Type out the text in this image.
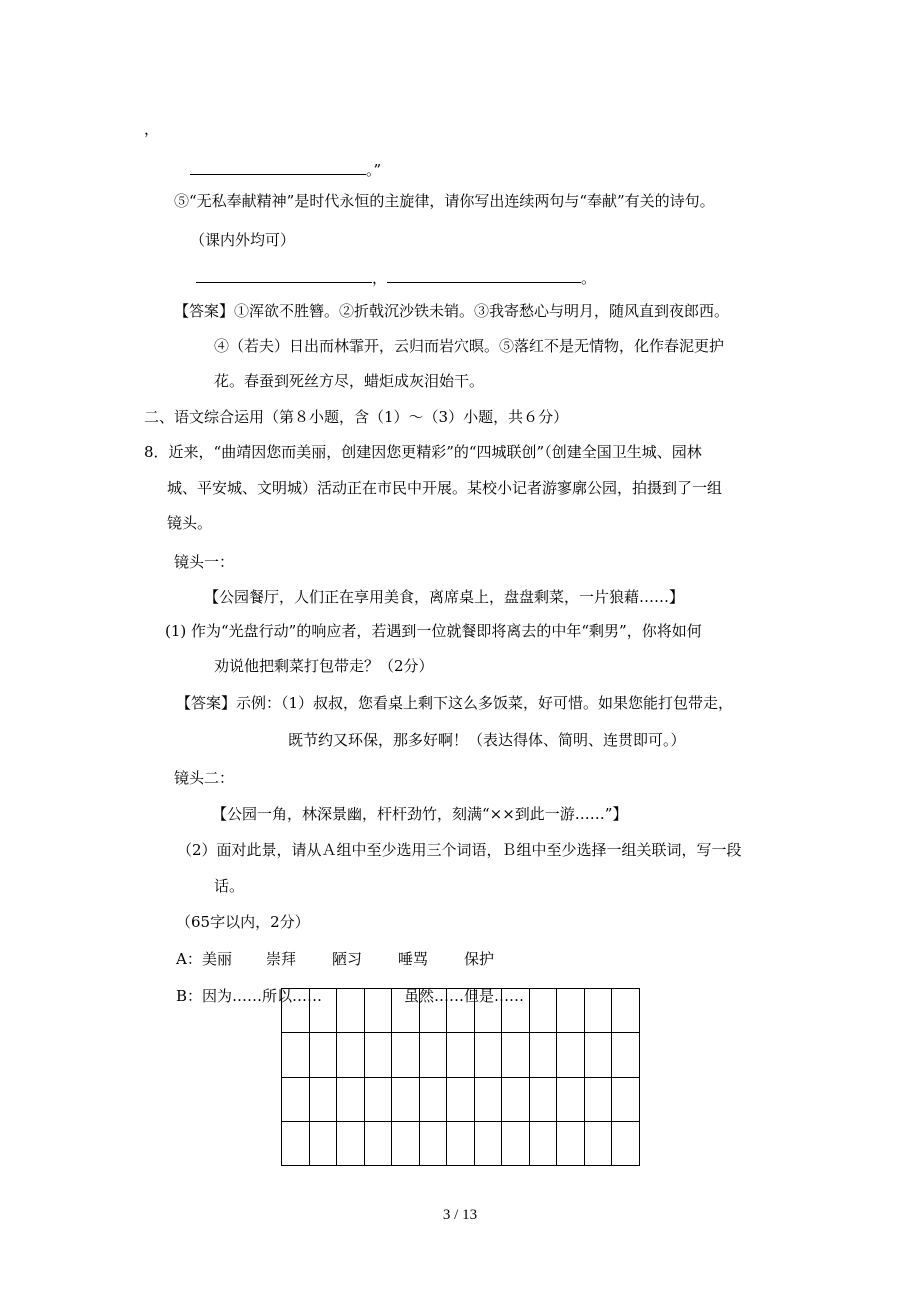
，
。”
⑤“无私奉献精神”是时代永恒的主旋律，请你写出连续两句与“奉献”有关的诗句。
（课内外均可）
，	。
【答案】①浑欲不胜簪。②折戟沉沙铁未销。③我寄愁心与明月，随风直到夜郎西。
④（若夫）日出而林霏开，云归而岩穴暝。⑤落红不是无情物，化作春泥更护
花。春蚕到死丝方尽，蜡炬成灰泪始干。
二、语文综合运用（第８小题，含（1）～（3）小题，共６分）
8．近来，“曲靖因您而美丽，创建因您更精彩”的“四城联创”（创建全国卫生城、园林
城、平安城、文明城）活动正在市民中开展。某校小记者游寥廓公园，拍摄到了一组
镜头。
镜头一：
【公园餐厅，人们正在享用美食，离席桌上，盘盘剩菜，一片狼藉……】
(1) 作为“光盘行动”的响应者，若遇到一位就餐即将离去的中年“剩男”，你将如何
劝说他把剩菜打包带走？（2分）
【答案】示例：（1）叔叔，您看桌上剩下这么多饭菜，好可惜。如果您能打包带走，
既节约又环保，那多好啊！（表达得体、简明、连贯即可。）
镜头二：
【公园一角，林深景幽，杆杆劲竹，刻满“××到此一游……”】
（2）面对此景，请从Ａ组中至少选用三个词语，Ｂ组中至少选择一组关联词，写一段
话。
（65字以内，2分）
A：美丽 崇拜 陋习 唾骂 保护
B：因为……所以……	虽然……但是……

3 / 13
